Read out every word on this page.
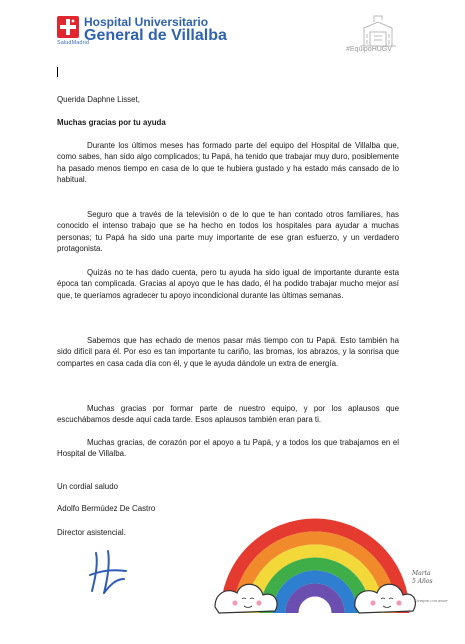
SaludMadrid
Hospital Universitario
General de Villalba
#EquipoHUGV
Querida Daphne Lisset,
Muchas gracias por tu ayuda
Durante los últimos meses has formado parte del equipo del Hospital de Villalba que, como sabes, han sido algo complicados; tu Papá, ha tenido que trabajar muy duro, posiblemente ha pasado menos tiempo en casa de lo que te hubiera gustado y ha estado más cansado de lo habitual.
Seguro que a través de la televisión o de lo que te han contado otros familiares, has conocido el intenso trabajo que se ha hecho en todos los hospitales para ayudar a muchas personas; tu Papá ha sido una parte muy importante de ese gran esfuerzo, y un verdadero protagonista.
Quizás no te has dado cuenta, pero tu ayuda ha sido igual de importante durante esta época tan complicada. Gracias al apoyo que le has dado, él ha podido trabajar mucho mejor así que, te queríamos agradecer tu apoyo incondicional durante las últimas semanas.
Sabemos que has echado de menos pasar más tiempo con tu Papá. Esto también ha sido difícil para él. Por eso es tan importante tu cariño, las bromas, los abrazos, y la sonrisa que compartes en casa cada día con él, y que le ayuda dándole un extra de energía.
Muchas gracias por formar parte de nuestro equipo, y por los aplausos que escuchábamos desde aquí cada tarde. Esos aplausos también eran para ti.
Muchas gracias, de corazón por el apoyo a tu Papá, y a todos los que trabajamos en el Hospital de Villalba.
Un cordial saludo
Adolfo Bermúdez De Castro
Director asistencial.
Marta
5 Años
Siempre con amor
